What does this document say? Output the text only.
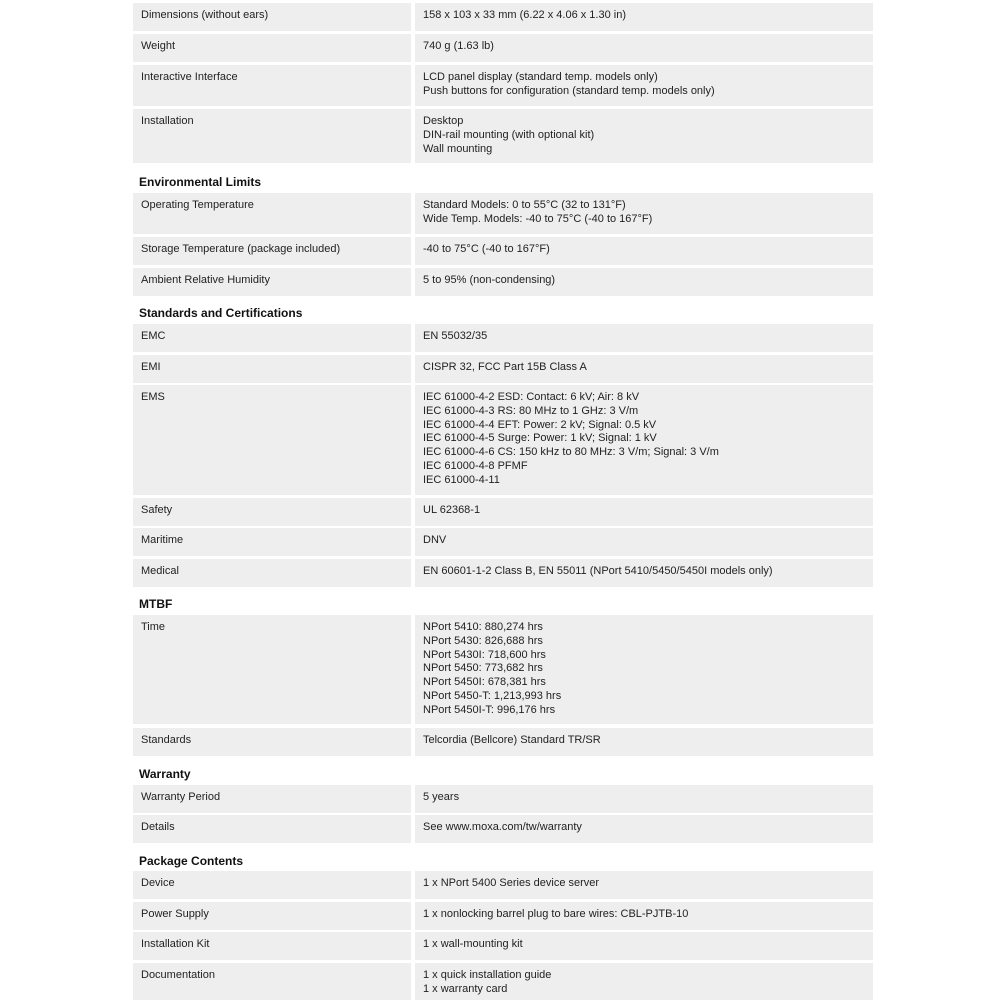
Dimensions (without ears)	158 x 103 x 33 mm (6.22 x 4.06 x 1.30 in)
Weight	740 g (1.63 lb)
Interactive Interface	LCD panel display (standard temp. models only)
Push buttons for configuration (standard temp. models only)
Installation	Desktop
DIN-rail mounting (with optional kit)
Wall mounting
Environmental Limits
Operating Temperature	Standard Models: 0 to 55°C (32 to 131°F)
Wide Temp. Models: -40 to 75°C (-40 to 167°F)
Storage Temperature (package included)	-40 to 75°C (-40 to 167°F)
Ambient Relative Humidity	5 to 95% (non-condensing)
Standards and Certifications
EMC	EN 55032/35
EMI	CISPR 32, FCC Part 15B Class A
EMS	IEC 61000-4-2 ESD: Contact: 6 kV; Air: 8 kV
IEC 61000-4-3 RS: 80 MHz to 1 GHz: 3 V/m
IEC 61000-4-4 EFT: Power: 2 kV; Signal: 0.5 kV
IEC 61000-4-5 Surge: Power: 1 kV; Signal: 1 kV
IEC 61000-4-6 CS: 150 kHz to 80 MHz: 3 V/m; Signal: 3 V/m
IEC 61000-4-8 PFMF
IEC 61000-4-11
Safety	UL 62368-1
Maritime	DNV
Medical	EN 60601-1-2 Class B, EN 55011 (NPort 5410/5450/5450I models only)
MTBF
Time	NPort 5410: 880,274 hrs
NPort 5430: 826,688 hrs
NPort 5430I: 718,600 hrs
NPort 5450: 773,682 hrs
NPort 5450I: 678,381 hrs
NPort 5450-T: 1,213,993 hrs
NPort 5450I-T: 996,176 hrs
Standards	Telcordia (Bellcore) Standard TR/SR
Warranty
Warranty Period	5 years
Details	See www.moxa.com/tw/warranty
Package Contents
Device	1 x NPort 5400 Series device server
Power Supply	1 x nonlocking barrel plug to bare wires: CBL-PJTB-10
Installation Kit	1 x wall-mounting kit
Documentation	1 x quick installation guide
1 x warranty card
